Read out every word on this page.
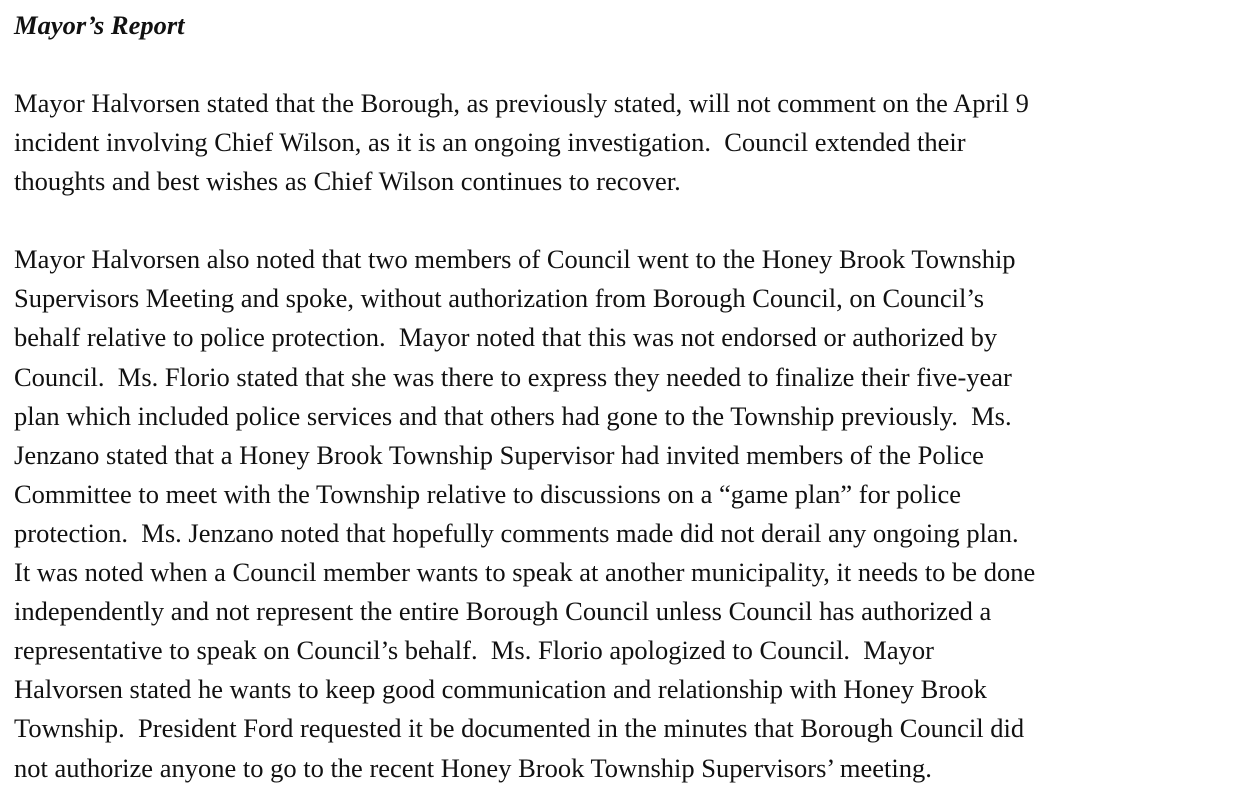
Mayor’s Report

Mayor Halvorsen stated that the Borough, as previously stated, will not comment on the April 9
incident involving Chief Wilson, as it is an ongoing investigation.  Council extended their
thoughts and best wishes as Chief Wilson continues to recover.

Mayor Halvorsen also noted that two members of Council went to the Honey Brook Township
Supervisors Meeting and spoke, without authorization from Borough Council, on Council’s
behalf relative to police protection.  Mayor noted that this was not endorsed or authorized by
Council.  Ms. Florio stated that she was there to express they needed to finalize their five-year
plan which included police services and that others had gone to the Township previously.  Ms.
Jenzano stated that a Honey Brook Township Supervisor had invited members of the Police
Committee to meet with the Township relative to discussions on a “game plan” for police
protection.  Ms. Jenzano noted that hopefully comments made did not derail any ongoing plan.
It was noted when a Council member wants to speak at another municipality, it needs to be done
independently and not represent the entire Borough Council unless Council has authorized a
representative to speak on Council’s behalf.  Ms. Florio apologized to Council.  Mayor
Halvorsen stated he wants to keep good communication and relationship with Honey Brook
Township.  President Ford requested it be documented in the minutes that Borough Council did
not authorize anyone to go to the recent Honey Brook Township Supervisors’ meeting.
